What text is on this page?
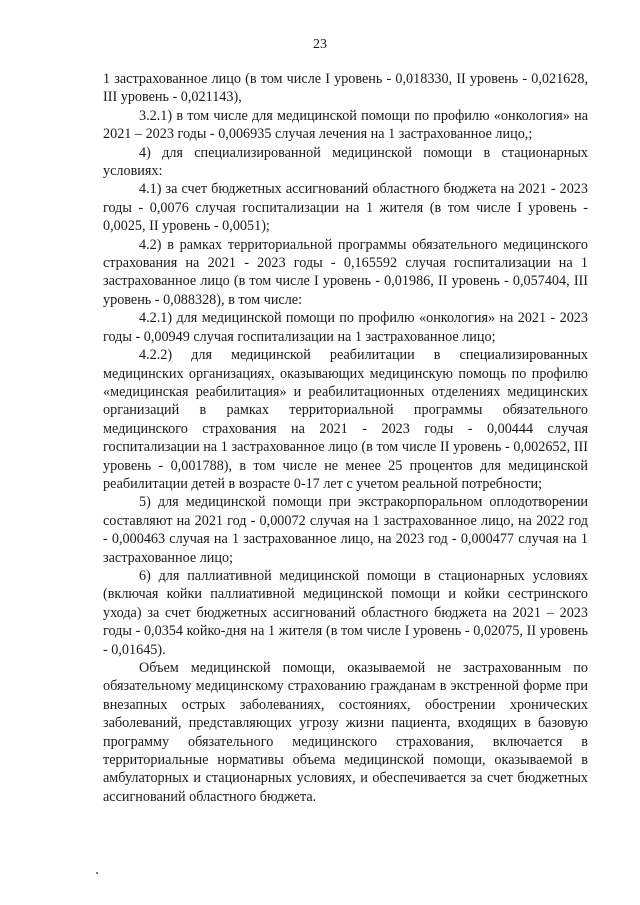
23

1 застрахованное лицо (в том числе I уровень - 0,018330, II уровень - 0,021628, III уровень - 0,021143),

3.2.1) в том числе для медицинской помощи по профилю «онкология» на 2021 – 2023 годы - 0,006935 случая лечения на 1 застрахованное лицо,;

4) для специализированной медицинской помощи в стационарных условиях:

4.1) за счет бюджетных ассигнований областного бюджета на 2021 - 2023 годы - 0,0076 случая госпитализации на 1 жителя (в том числе I уровень - 0,0025, II уровень - 0,0051);

4.2) в рамках территориальной программы обязательного медицинского страхования на 2021 - 2023 годы - 0,165592 случая госпитализации на 1 застрахованное лицо (в том числе I уровень - 0,01986, II уровень - 0,057404, III уровень - 0,088328), в том числе:

4.2.1) для медицинской помощи по профилю «онкология» на 2021 - 2023 годы - 0,00949 случая госпитализации на 1 застрахованное лицо;

4.2.2) для медицинской реабилитации в специализированных медицинских организациях, оказывающих медицинскую помощь по профилю «медицинская реабилитация» и реабилитационных отделениях медицинских организаций в рамках территориальной программы обязательного медицинского страхования на 2021 - 2023 годы - 0,00444 случая госпитализации на 1 застрахованное лицо (в том числе II уровень - 0,002652, III уровень - 0,001788), в том числе не менее 25 процентов для медицинской реабилитации детей в возрасте 0-17 лет с учетом реальной потребности;

5) для медицинской помощи при экстракорпоральном оплодотворении составляют на 2021 год - 0,00072 случая на 1 застрахованное лицо, на 2022 год - 0,000463 случая на 1 застрахованное лицо, на 2023 год - 0,000477 случая на 1 застрахованное лицо;

6) для паллиативной медицинской помощи в стационарных условиях (включая койки паллиативной медицинской помощи и койки сестринского ухода) за счет бюджетных ассигнований областного бюджета на 2021 – 2023 годы - 0,0354 койко-дня на 1 жителя (в том числе I уровень - 0,02075, II уровень - 0,01645).

Объем медицинской помощи, оказываемой не застрахованным по обязательному медицинскому страхованию гражданам в экстренной форме при внезапных острых заболеваниях, состояниях, обострении хронических заболеваний, представляющих угрозу жизни пациента, входящих в базовую программу обязательного медицинского страхования, включается в территориальные нормативы объема медицинской помощи, оказываемой в амбулаторных и стационарных условиях, и обеспечивается за счет бюджетных ассигнований областного бюджета.
